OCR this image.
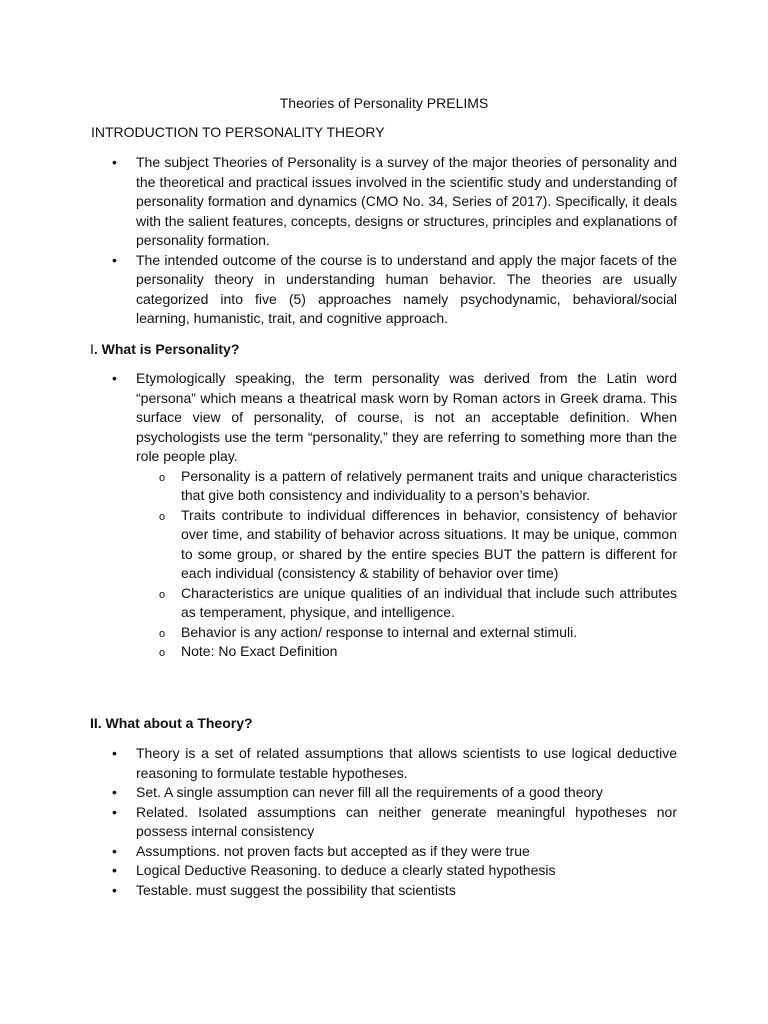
Theories of Personality PRELIMS
INTRODUCTION TO PERSONALITY THEORY
• The subject Theories of Personality is a survey of the major theories of personality and the theoretical and practical issues involved in the scientific study and understanding of personality formation and dynamics (CMO No. 34, Series of 2017). Specifically, it deals with the salient features, concepts, designs or structures, principles and explanations of personality formation.
• The intended outcome of the course is to understand and apply the major facets of the personality theory in understanding human behavior. The theories are usually categorized into five (5) approaches namely psychodynamic, behavioral/social learning, humanistic, trait, and cognitive approach.
I. What is Personality?
• Etymologically speaking, the term personality was derived from the Latin word “persona” which means a theatrical mask worn by Roman actors in Greek drama. This surface view of personality, of course, is not an acceptable definition. When psychologists use the term “personality,” they are referring to something more than the role people play.
o Personality is a pattern of relatively permanent traits and unique characteristics that give both consistency and individuality to a person’s behavior.
o Traits contribute to individual differences in behavior, consistency of behavior over time, and stability of behavior across situations. It may be unique, common to some group, or shared by the entire species BUT the pattern is different for each individual (consistency & stability of behavior over time)
o Characteristics are unique qualities of an individual that include such attributes as temperament, physique, and intelligence.
o Behavior is any action/ response to internal and external stimuli.
o Note: No Exact Definition
II. What about a Theory?
• Theory is a set of related assumptions that allows scientists to use logical deductive reasoning to formulate testable hypotheses.
• Set. A single assumption can never fill all the requirements of a good theory
• Related. Isolated assumptions can neither generate meaningful hypotheses nor possess internal consistency
• Assumptions. not proven facts but accepted as if they were true
• Logical Deductive Reasoning. to deduce a clearly stated hypothesis
• Testable. must suggest the possibility that scientists
